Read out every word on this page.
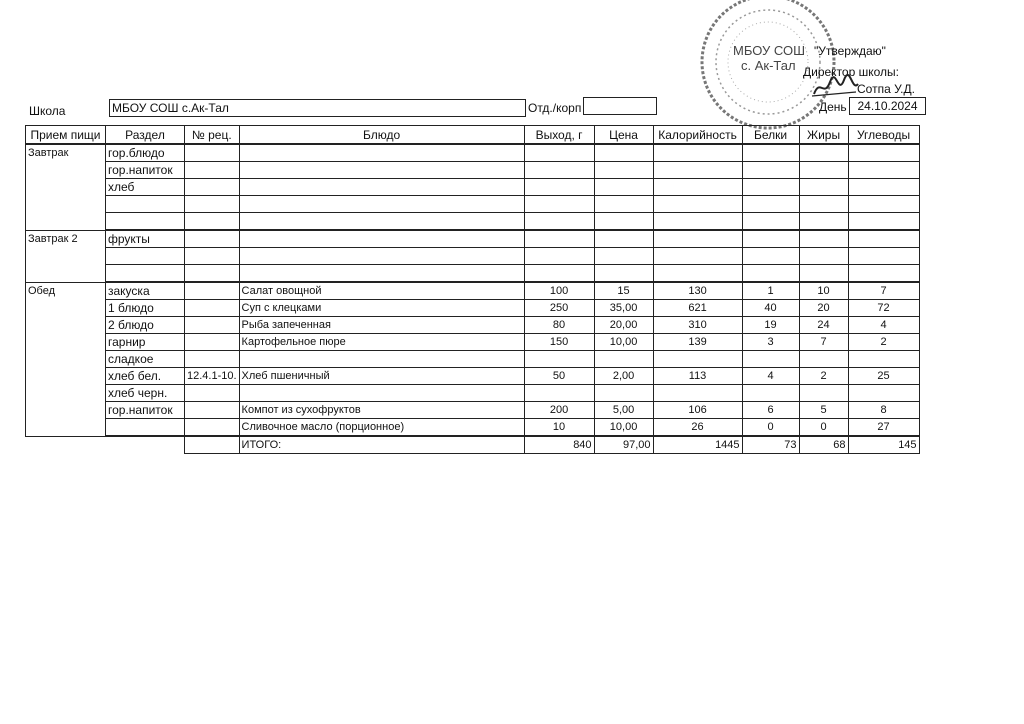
МБОУ СОШ
с. Ак-Тал
"Утверждаю"
Директор школы:
Сотпа У.Д.
День 24.10.2024
Школа	МБОУ СОШ с.Ак-Тал	Отд./корп
Прием пищи	Раздел	№ рец.	Блюдо	Выход, г	Цена	Калорийность	Белки	Жиры	Углеводы
Завтрак	гор.блюдо								
	гор.напиток								
	хлеб								

Завтрак 2	фрукты								

Обед	закуска		Салат овощной	100	15	130	1	10	7
	1 блюдо		Суп с клецками	250	35,00	621	40	20	72
	2 блюдо		Рыба запеченная	80	20,00	310	19	24	4
	гарнир		Картофельное пюре	150	10,00	139	3	7	2
	сладкое								
	хлеб бел.	12.4.1-10.	Хлеб пшеничный	50	2,00	113	4	2	25
	хлеб черн.								
	гор.напиток		Компот из сухофруктов	200	5,00	106	6	5	8
			Сливочное масло (порционное)	10	10,00	26	0	0	27
			ИТОГО:	840	97,00	1445	73	68	145
